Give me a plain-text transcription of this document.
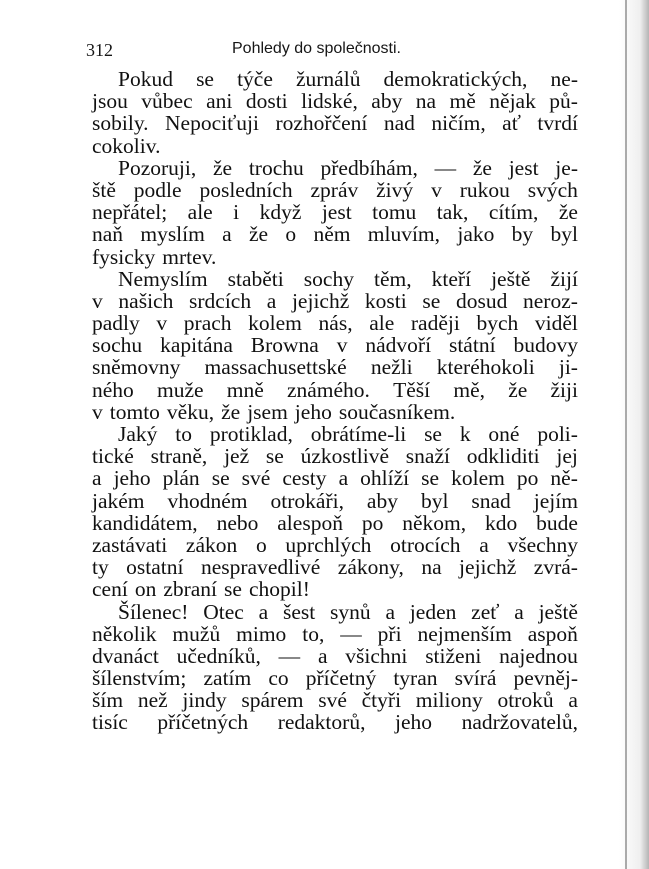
312	Pohledy do společnosti.
Pokud se týče žurnálů demokratických, ne-
jsou vůbec ani dosti lidské, aby na mě nějak pů-
sobily. Nepociťuji rozhořčení nad ničím, ať tvrdí
cokoliv.
Pozoruji, že trochu předbíhám, — že jest je-
ště podle posledních zpráv živý v rukou svých
nepřátel; ale i když jest tomu tak, cítím, že
naň myslím a že o něm mluvím, jako by byl
fysicky mrtev.
Nemyslím staběti sochy těm, kteří ještě žijí
v našich srdcích a jejichž kosti se dosud neroz-
padly v prach kolem nás, ale raději bych viděl
sochu kapitána Browna v nádvoří státní budovy
sněmovny massachusettské nežli kteréhokoli ji-
ného muže mně známého. Těší mě, že žiji
v tomto věku, že jsem jeho současníkem.
Jaký to protiklad, obrátíme-li se k oné poli-
tické straně, jež se úzkostlivě snaží odkliditi jej
a jeho plán se své cesty a ohlíží se kolem po ně-
jakém vhodném otrokáři, aby byl snad jejím
kandidátem, nebo alespoň po někom, kdo bude
zastávati zákon o uprchlých otrocích a všechny
ty ostatní nespravedlivé zákony, na jejichž zvrá-
cení on zbraní se chopil!
Šílenec! Otec a šest synů a jeden zeť a ještě
několik mužů mimo to, — při nejmenším aspoň
dvanáct učedníků, — a všichni stiženi najednou
šílenstvím; zatím co příčetný tyran svírá pevněj-
ším než jindy spárem své čtyři miliony otroků a
tisíc příčetných redaktorů, jeho nadržovatelů,
